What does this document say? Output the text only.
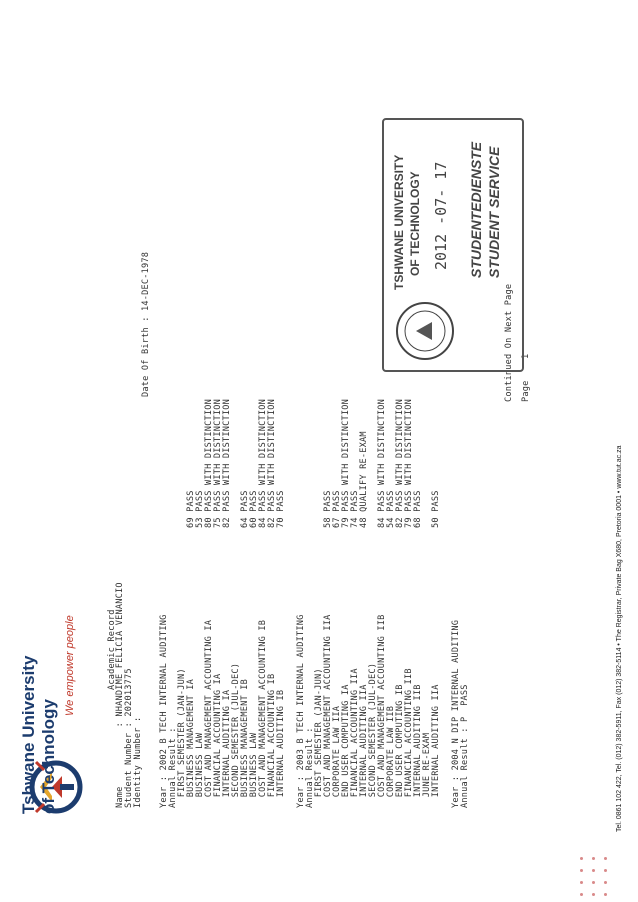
Tshwane University of Technology
We empower people	Academic Record
Name           : NHANDIME FELICIA VENANCIO Student Number : 202013775 Identity Number :
Date Of Birth : 14-DEC-1978
Year : 2002 B TECH INTERNAL AUDITING Annual Result : FIRST SEMESTER (JAN-JUN) BUSINESS MANAGEMENT IA
69 PASS
BUSINESS LAW
53 PASS
COST AND MANAGEMENT ACCOUNTING IA
80 PASS WITH DISTINCTION
FINANCIAL ACCOUNTING IA
75 PASS WITH DISTINCTION
INTERNAL AUDITING IA
82 PASS WITH DISTINCTION
SECOND SEMESTER (JUL-DEC) BUSINESS MANAGEMENT IB
64 PASS
BUSINESS LAW
60 PASS
COST AND MANAGEMENT ACCOUNTING IB
84 PASS WITH DISTINCTION
FINANCIAL ACCOUNTING IB
82 PASS WITH DISTINCTION
INTERNAL AUDITING IB
70 PASS
Year : 2003 B TECH INTERNAL AUDITING Annual Result : FIRST SEMESTER (JAN-JUN) COST AND MANAGEMENT ACCOUNTING IIA
58 PASS
CORPORATE LAW IIA
67 PASS
END USER COMPUTING IA
79 PASS WITH DISTINCTION
FINANCIAL ACCOUNTING IIA
74 PASS
INTERNAL AUDITING IIA
48 QUALIFY RE-EXAM
SECOND SEMESTER (JUL-DEC) COST AND MANAGEMENT ACCOUNTING IIB
84 PASS WITH DISTINCTION
CORPORATE LAW IIB
54 PASS
END USER COMPUTING IB
82 PASS WITH DISTINCTION
FINANCIAL ACCOUNTING IIB
79 PASS WITH DISTINCTION
INTERNAL AUDITING IIB
68 PASS
JUNE RE-EXAM INTERNAL AUDITING IIA
50 PASS
Year : 2004 N DIP INTERNAL AUDITING Annual Result : P  PASS
Continued On Next Page Page    1
TSHWANE UNIVERSITY OF TECHNOLOGY 2012 -07- 17 STUDENTEDIENSTE STUDENT SERVICE
Tel. 0861 102 422, Tel. (012) 382-5911, Fax (012) 382-5114 • The Registrar, Private Bag X680, Pretoria 0001 • www.tut.ac.za
